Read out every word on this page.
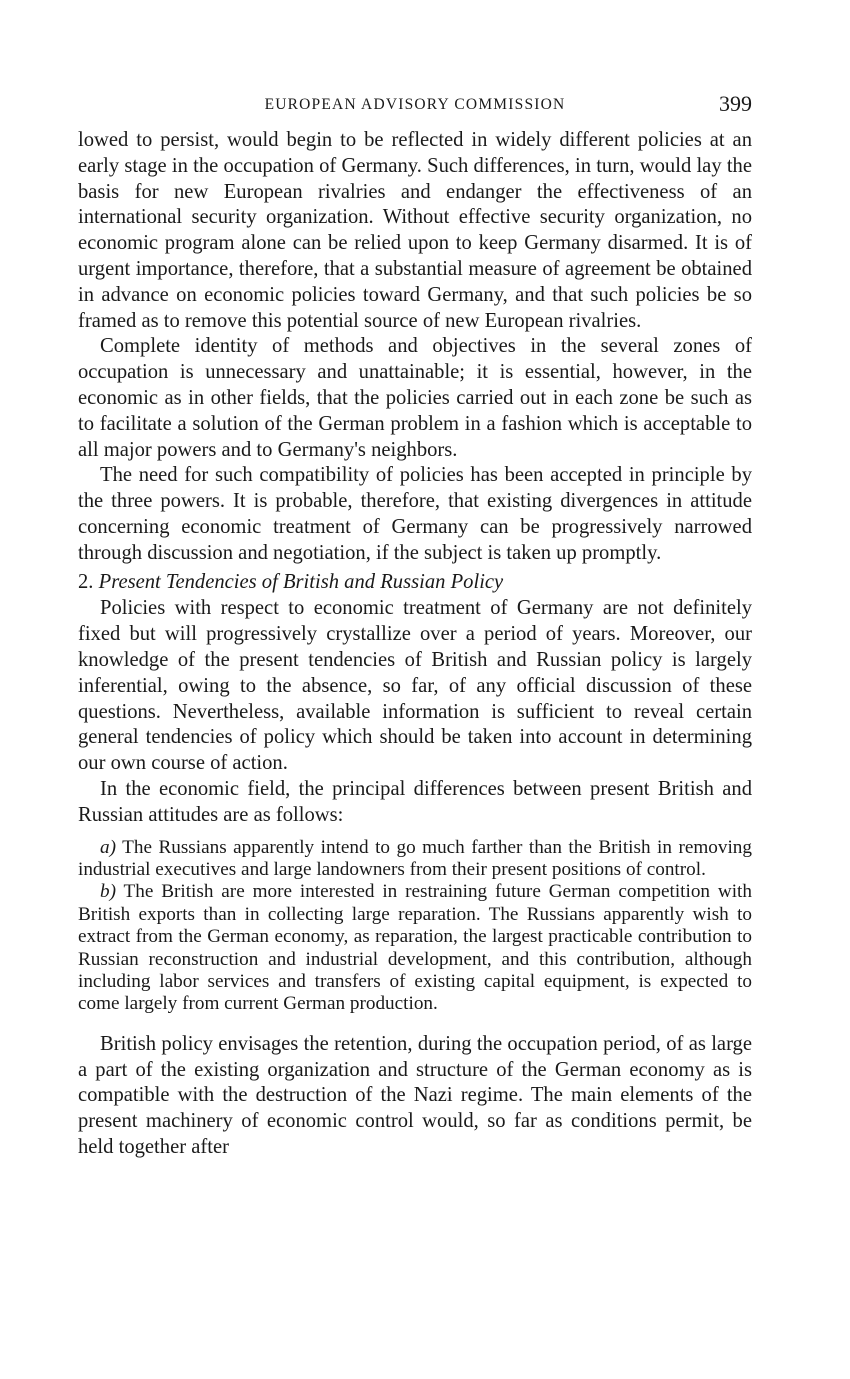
EUROPEAN ADVISORY COMMISSION	399

lowed to persist, would begin to be reflected in widely different policies at an early stage in the occupation of Germany. Such differences, in turn, would lay the basis for new European rivalries and endanger the effectiveness of an international security organization. Without effective security organization, no economic program alone can be relied upon to keep Germany disarmed. It is of urgent importance, therefore, that a substantial measure of agreement be obtained in advance on economic policies toward Germany, and that such policies be so framed as to remove this potential source of new European rivalries.

Complete identity of methods and objectives in the several zones of occupation is unnecessary and unattainable; it is essential, however, in the economic as in other fields, that the policies carried out in each zone be such as to facilitate a solution of the German problem in a fashion which is acceptable to all major powers and to Germany's neighbors.

The need for such compatibility of policies has been accepted in principle by the three powers. It is probable, therefore, that existing divergences in attitude concerning economic treatment of Germany can be progressively narrowed through discussion and negotiation, if the subject is taken up promptly.

2. Present Tendencies of British and Russian Policy

Policies with respect to economic treatment of Germany are not definitely fixed but will progressively crystallize over a period of years. Moreover, our knowledge of the present tendencies of British and Russian policy is largely inferential, owing to the absence, so far, of any official discussion of these questions. Nevertheless, available information is sufficient to reveal certain general tendencies of policy which should be taken into account in determining our own course of action.

In the economic field, the principal differences between present British and Russian attitudes are as follows:

a) The Russians apparently intend to go much farther than the British in removing industrial executives and large landowners from their present positions of control.

b) The British are more interested in restraining future German competition with British exports than in collecting large reparation. The Russians apparently wish to extract from the German economy, as reparation, the largest practicable contribution to Russian reconstruction and industrial development, and this contribution, although including labor services and transfers of existing capital equipment, is expected to come largely from current German production.

British policy envisages the retention, during the occupation period, of as large a part of the existing organization and structure of the German economy as is compatible with the destruction of the Nazi regime. The main elements of the present machinery of economic control would, so far as conditions permit, be held together after
